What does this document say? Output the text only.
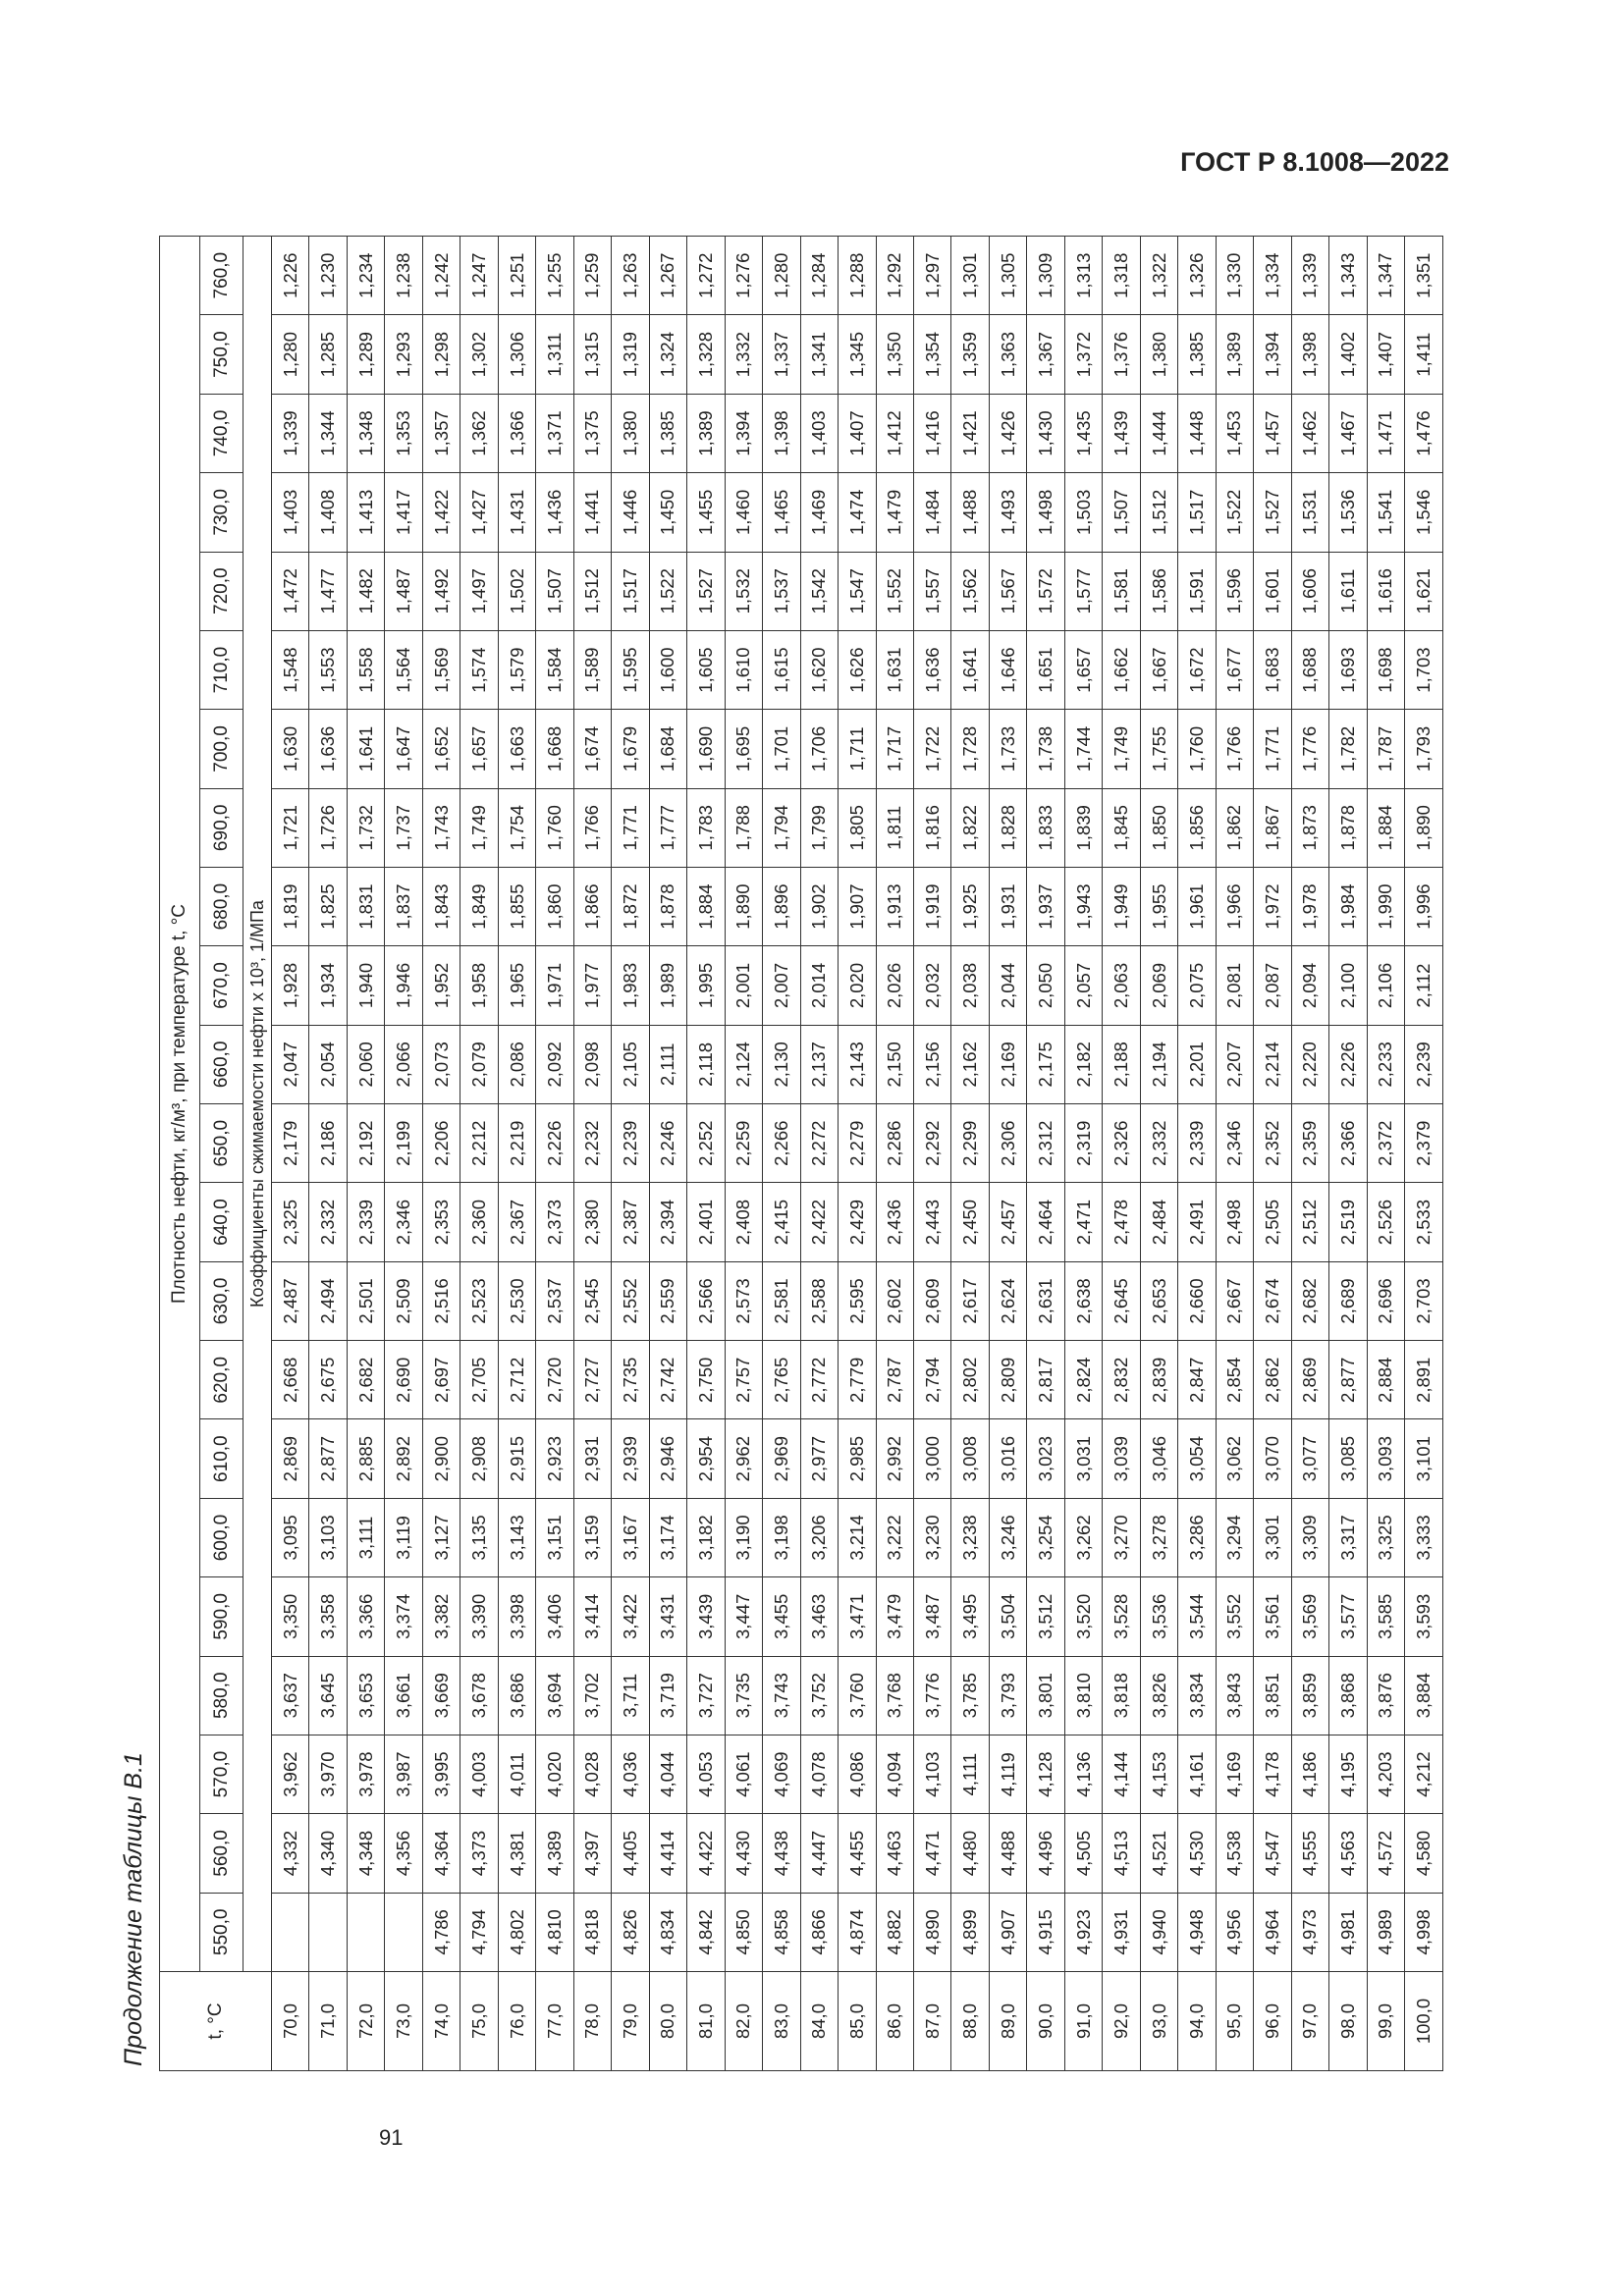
ГОСТ Р 8.1008—2022
Продолжение таблицы В.1
91
t, °C	Плотность нефти, кг/м³, при температуре t, °C																					
	550,0	560,0	570,0	580,0	590,0	600,0	610,0	620,0	630,0	640,0	650,0	660,0	670,0	680,0	690,0	700,0	710,0	720,0	730,0	740,0	750,0	760,0
	Коэффициенты сжимаемости нефти х 10³, 1/МПа																					
70,0		4,332	3,962	3,637	3,350	3,095	2,869	2,668	2,487	2,325	2,179	2,047	1,928	1,819	1,721	1,630	1,548	1,472	1,403	1,339	1,280	1,226
71,0		4,340	3,970	3,645	3,358	3,103	2,877	2,675	2,494	2,332	2,186	2,054	1,934	1,825	1,726	1,636	1,553	1,477	1,408	1,344	1,285	1,230
72,0		4,348	3,978	3,653	3,366	3,111	2,885	2,682	2,501	2,339	2,192	2,060	1,940	1,831	1,732	1,641	1,558	1,482	1,413	1,348	1,289	1,234
73,0		4,356	3,987	3,661	3,374	3,119	2,892	2,690	2,509	2,346	2,199	2,066	1,946	1,837	1,737	1,647	1,564	1,487	1,417	1,353	1,293	1,238
74,0	4,786	4,364	3,995	3,669	3,382	3,127	2,900	2,697	2,516	2,353	2,206	2,073	1,952	1,843	1,743	1,652	1,569	1,492	1,422	1,357	1,298	1,242
75,0	4,794	4,373	4,003	3,678	3,390	3,135	2,908	2,705	2,523	2,360	2,212	2,079	1,958	1,849	1,749	1,657	1,574	1,497	1,427	1,362	1,302	1,247
76,0	4,802	4,381	4,011	3,686	3,398	3,143	2,915	2,712	2,530	2,367	2,219	2,086	1,965	1,855	1,754	1,663	1,579	1,502	1,431	1,366	1,306	1,251
77,0	4,810	4,389	4,020	3,694	3,406	3,151	2,923	2,720	2,537	2,373	2,226	2,092	1,971	1,860	1,760	1,668	1,584	1,507	1,436	1,371	1,311	1,255
78,0	4,818	4,397	4,028	3,702	3,414	3,159	2,931	2,727	2,545	2,380	2,232	2,098	1,977	1,866	1,766	1,674	1,589	1,512	1,441	1,375	1,315	1,259
79,0	4,826	4,405	4,036	3,711	3,422	3,167	2,939	2,735	2,552	2,387	2,239	2,105	1,983	1,872	1,771	1,679	1,595	1,517	1,446	1,380	1,319	1,263
80,0	4,834	4,414	4,044	3,719	3,431	3,174	2,946	2,742	2,559	2,394	2,246	2,111	1,989	1,878	1,777	1,684	1,600	1,522	1,450	1,385	1,324	1,267
81,0	4,842	4,422	4,053	3,727	3,439	3,182	2,954	2,750	2,566	2,401	2,252	2,118	1,995	1,884	1,783	1,690	1,605	1,527	1,455	1,389	1,328	1,272
82,0	4,850	4,430	4,061	3,735	3,447	3,190	2,962	2,757	2,573	2,408	2,259	2,124	2,001	1,890	1,788	1,695	1,610	1,532	1,460	1,394	1,332	1,276
83,0	4,858	4,438	4,069	3,743	3,455	3,198	2,969	2,765	2,581	2,415	2,266	2,130	2,007	1,896	1,794	1,701	1,615	1,537	1,465	1,398	1,337	1,280
84,0	4,866	4,447	4,078	3,752	3,463	3,206	2,977	2,772	2,588	2,422	2,272	2,137	2,014	1,902	1,799	1,706	1,620	1,542	1,469	1,403	1,341	1,284
85,0	4,874	4,455	4,086	3,760	3,471	3,214	2,985	2,779	2,595	2,429	2,279	2,143	2,020	1,907	1,805	1,711	1,626	1,547	1,474	1,407	1,345	1,288
86,0	4,882	4,463	4,094	3,768	3,479	3,222	2,992	2,787	2,602	2,436	2,286	2,150	2,026	1,913	1,811	1,717	1,631	1,552	1,479	1,412	1,350	1,292
87,0	4,890	4,471	4,103	3,776	3,487	3,230	3,000	2,794	2,609	2,443	2,292	2,156	2,032	1,919	1,816	1,722	1,636	1,557	1,484	1,416	1,354	1,297
88,0	4,899	4,480	4,111	3,785	3,495	3,238	3,008	2,802	2,617	2,450	2,299	2,162	2,038	1,925	1,822	1,728	1,641	1,562	1,488	1,421	1,359	1,301
89,0	4,907	4,488	4,119	3,793	3,504	3,246	3,016	2,809	2,624	2,457	2,306	2,169	2,044	1,931	1,828	1,733	1,646	1,567	1,493	1,426	1,363	1,305
90,0	4,915	4,496	4,128	3,801	3,512	3,254	3,023	2,817	2,631	2,464	2,312	2,175	2,050	1,937	1,833	1,738	1,651	1,572	1,498	1,430	1,367	1,309
91,0	4,923	4,505	4,136	3,810	3,520	3,262	3,031	2,824	2,638	2,471	2,319	2,182	2,057	1,943	1,839	1,744	1,657	1,577	1,503	1,435	1,372	1,313
92,0	4,931	4,513	4,144	3,818	3,528	3,270	3,039	2,832	2,645	2,478	2,326	2,188	2,063	1,949	1,845	1,749	1,662	1,581	1,507	1,439	1,376	1,318
93,0	4,940	4,521	4,153	3,826	3,536	3,278	3,046	2,839	2,653	2,484	2,332	2,194	2,069	1,955	1,850	1,755	1,667	1,586	1,512	1,444	1,380	1,322
94,0	4,948	4,530	4,161	3,834	3,544	3,286	3,054	2,847	2,660	2,491	2,339	2,201	2,075	1,961	1,856	1,760	1,672	1,591	1,517	1,448	1,385	1,326
95,0	4,956	4,538	4,169	3,843	3,552	3,294	3,062	2,854	2,667	2,498	2,346	2,207	2,081	1,966	1,862	1,766	1,677	1,596	1,522	1,453	1,389	1,330
96,0	4,964	4,547	4,178	3,851	3,561	3,301	3,070	2,862	2,674	2,505	2,352	2,214	2,087	1,972	1,867	1,771	1,683	1,601	1,527	1,457	1,394	1,334
97,0	4,973	4,555	4,186	3,859	3,569	3,309	3,077	2,869	2,682	2,512	2,359	2,220	2,094	1,978	1,873	1,776	1,688	1,606	1,531	1,462	1,398	1,339
98,0	4,981	4,563	4,195	3,868	3,577	3,317	3,085	2,877	2,689	2,519	2,366	2,226	2,100	1,984	1,878	1,782	1,693	1,611	1,536	1,467	1,402	1,343
99,0	4,989	4,572	4,203	3,876	3,585	3,325	3,093	2,884	2,696	2,526	2,372	2,233	2,106	1,990	1,884	1,787	1,698	1,616	1,541	1,471	1,407	1,347
100,0	4,998	4,580	4,212	3,884	3,593	3,333	3,101	2,891	2,703	2,533	2,379	2,239	2,112	1,996	1,890	1,793	1,703	1,621	1,546	1,476	1,411	1,351
